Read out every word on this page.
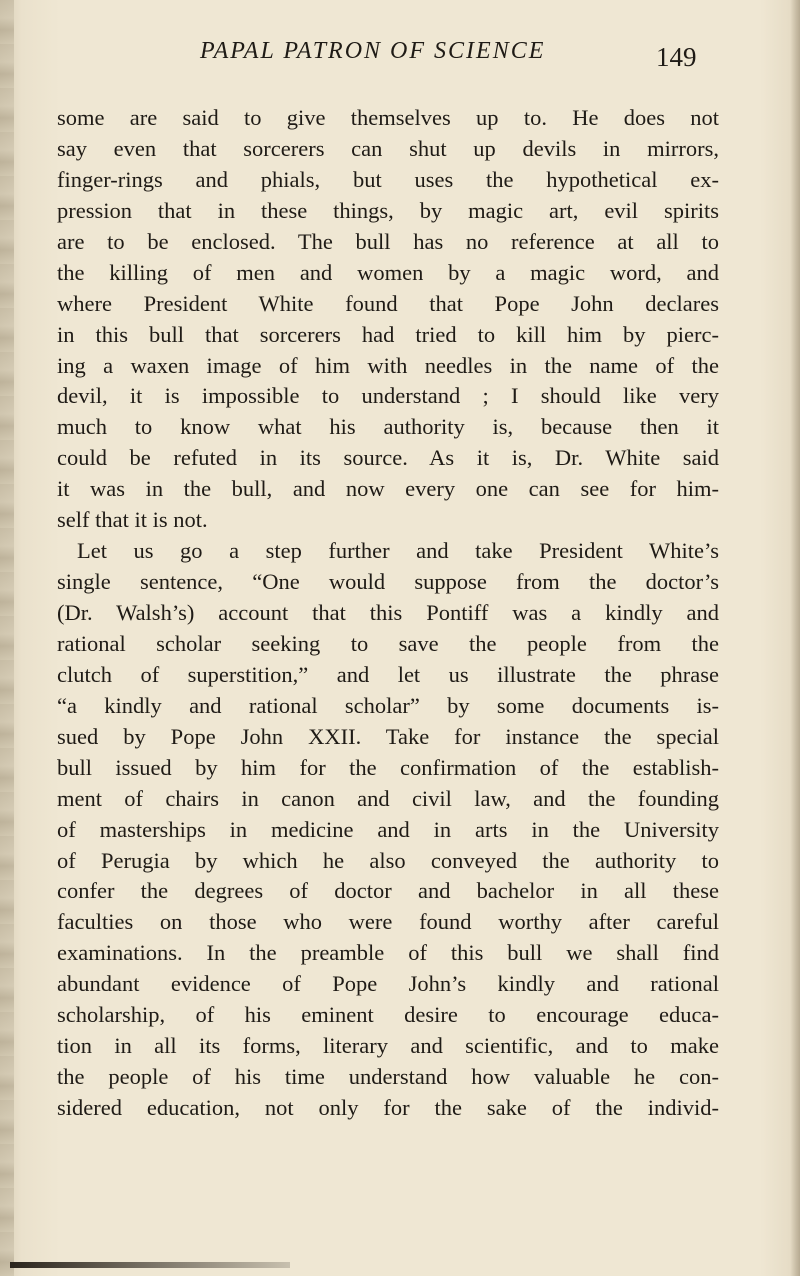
PAPAL PATRON OF SCIENCE	149
some are said to give themselves up to. He does not
say even that sorcerers can shut up devils in mirrors,
finger-rings and phials, but uses the hypothetical ex-
pression that in these things, by magic art, evil spirits
are to be enclosed. The bull has no reference at all to
the killing of men and women by a magic word, and
where President White found that Pope John declares
in this bull that sorcerers had tried to kill him by pierc-
ing a waxen image of him with needles in the name of the
devil, it is impossible to understand ; I should like very
much to know what his authority is, because then it
could be refuted in its source. As it is, Dr. White said
it was in the bull, and now every one can see for him-
self that it is not.
Let us go a step further and take President White’s
single sentence, “One would suppose from the doctor’s
(Dr. Walsh’s) account that this Pontiff was a kindly and
rational scholar seeking to save the people from the
clutch of superstition,” and let us illustrate the phrase
“a kindly and rational scholar” by some documents is-
sued by Pope John XXII. Take for instance the special
bull issued by him for the confirmation of the establish-
ment of chairs in canon and civil law, and the founding
of masterships in medicine and in arts in the University
of Perugia by which he also conveyed the authority to
confer the degrees of doctor and bachelor in all these
faculties on those who were found worthy after careful
examinations. In the preamble of this bull we shall find
abundant evidence of Pope John’s kindly and rational
scholarship, of his eminent desire to encourage educa-
tion in all its forms, literary and scientific, and to make
the people of his time understand how valuable he con-
sidered education, not only for the sake of the individ-
